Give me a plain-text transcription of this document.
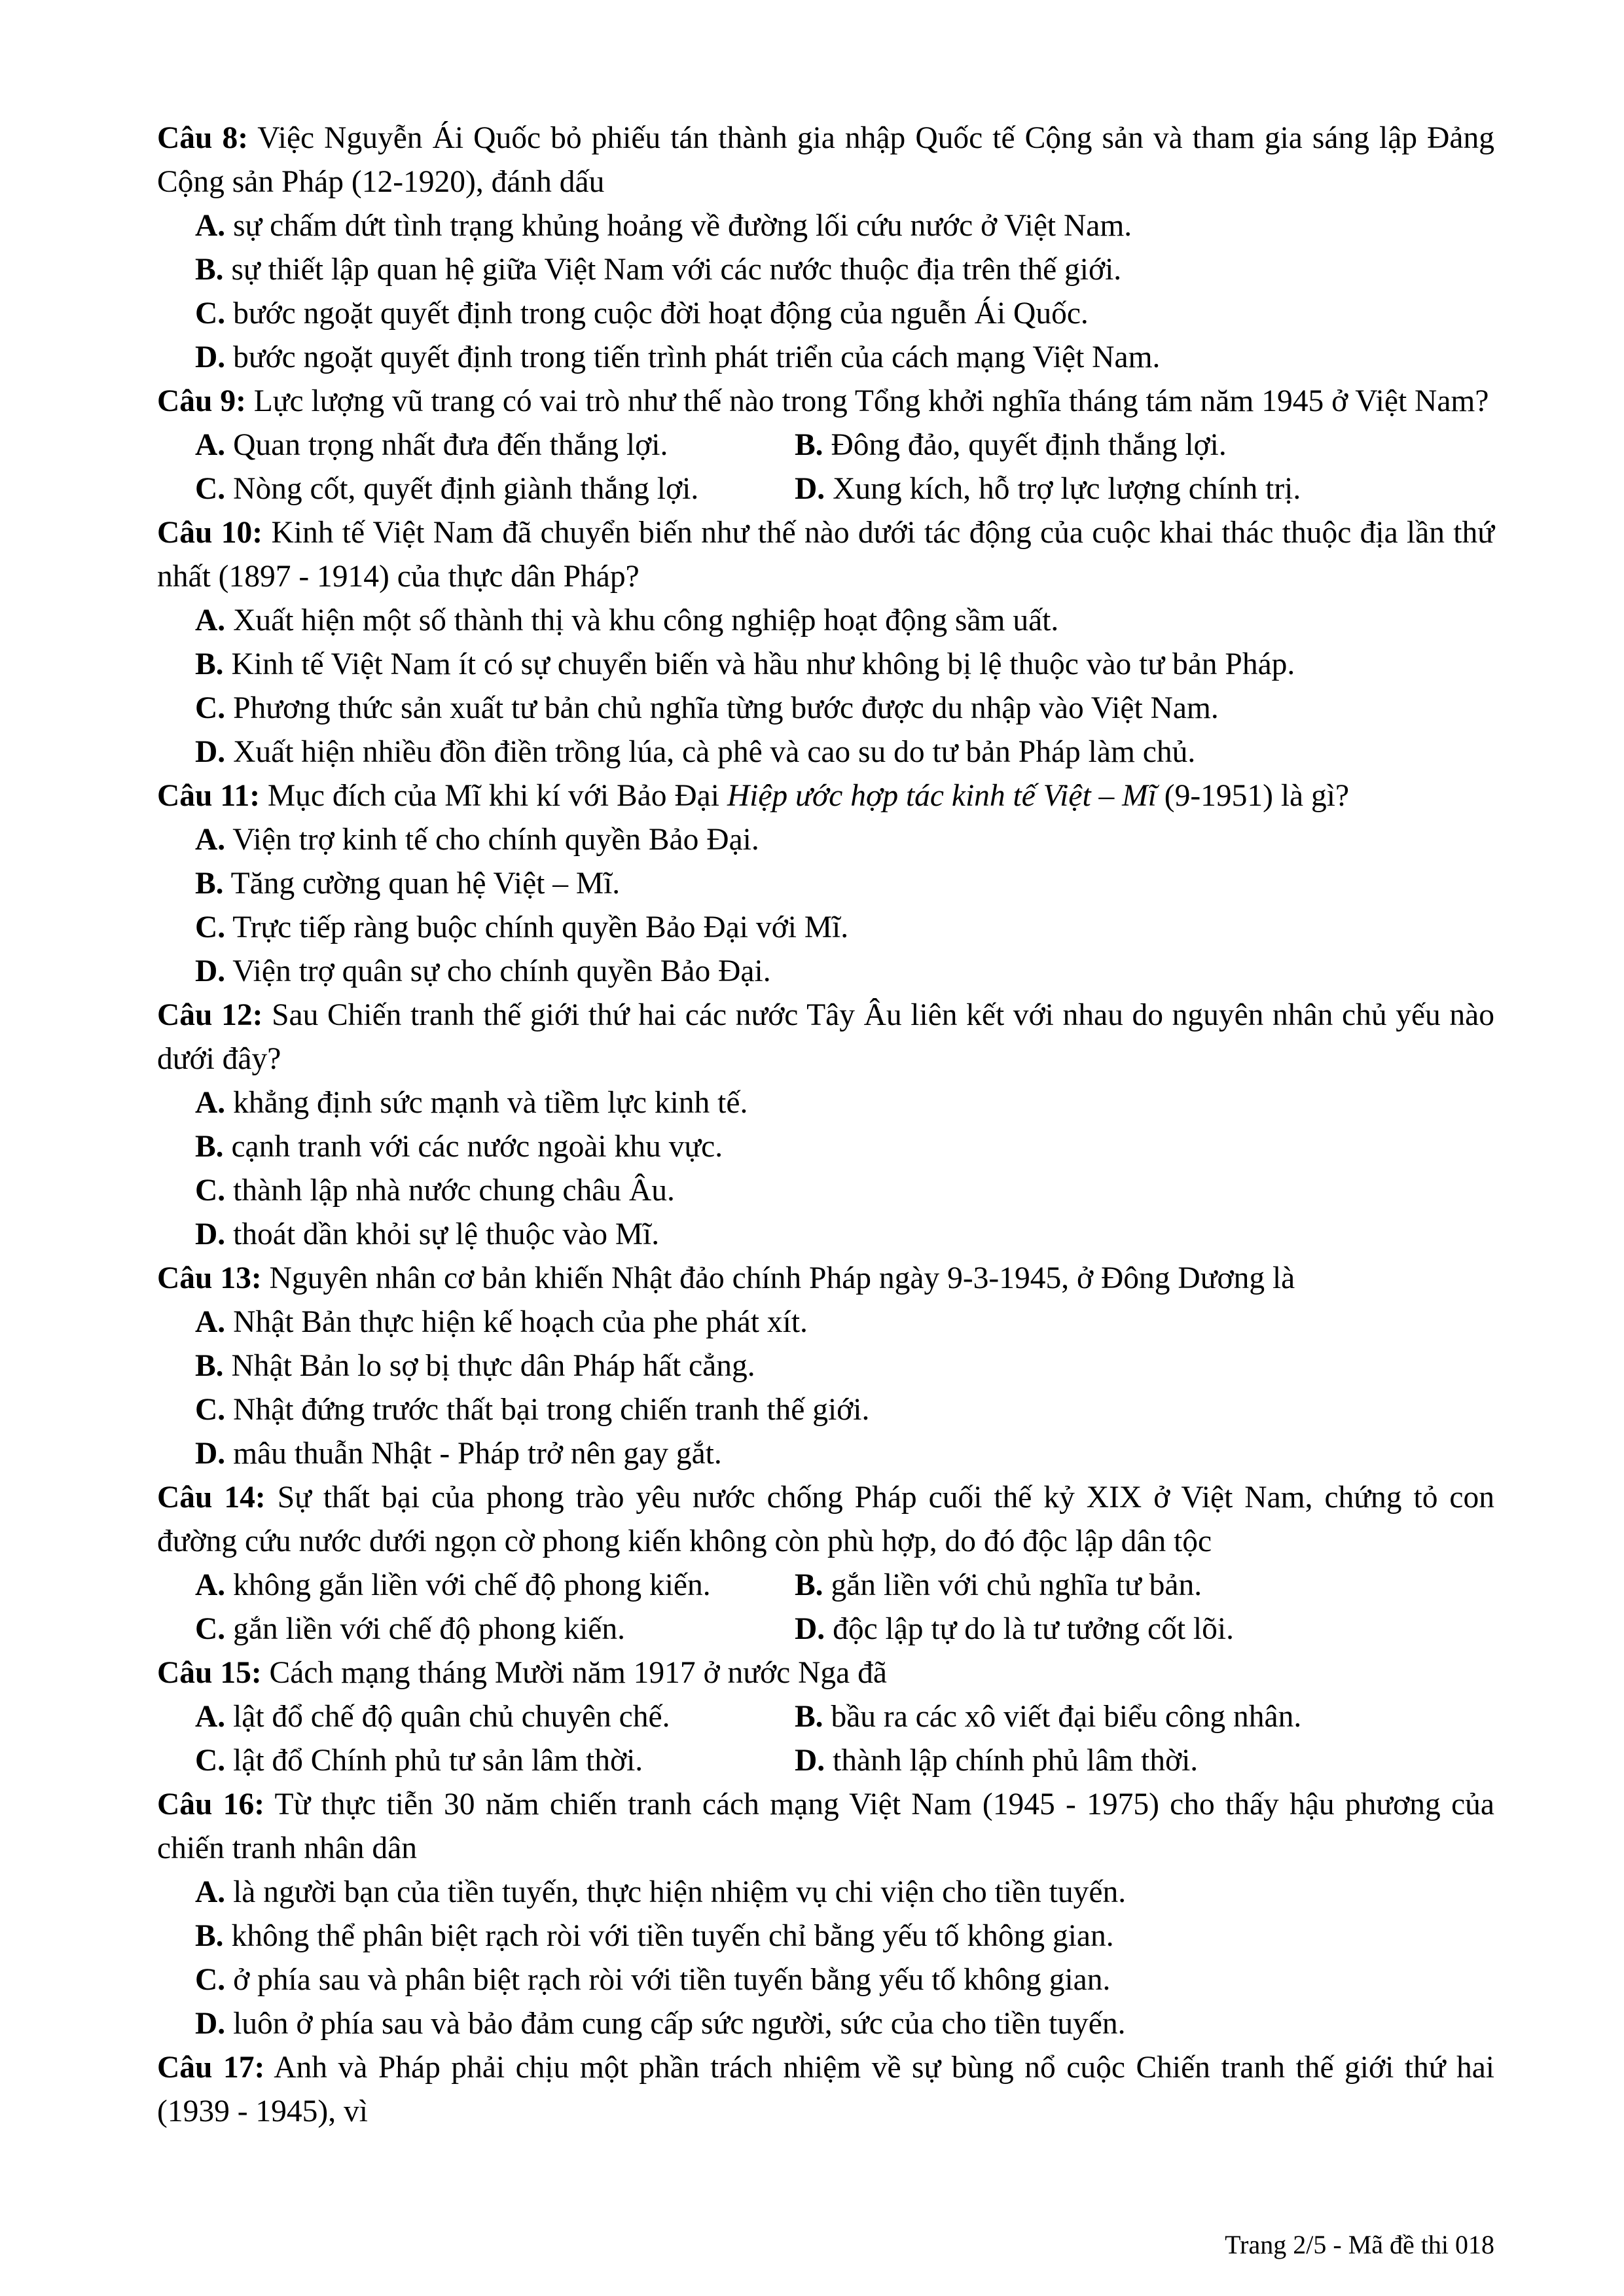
Câu 8: Việc Nguyễn Ái Quốc bỏ phiếu tán thành gia nhập Quốc tế Cộng sản và tham gia sáng lập Đảng Cộng sản Pháp (12-1920), đánh dấu
A. sự chấm dứt tình trạng khủng hoảng về đường lối cứu nước ở Việt Nam.
B. sự thiết lập quan hệ giữa Việt Nam với các nước thuộc địa trên thế giới.
C. bước ngoặt quyết định trong cuộc đời hoạt động của nguễn Ái Quốc.
D. bước ngoặt quyết định trong tiến trình phát triển của cách mạng Việt Nam.
Câu 9: Lực lượng vũ trang có vai trò như thế nào trong Tổng khởi nghĩa tháng tám năm 1945 ở Việt Nam?
A. Quan trọng nhất đưa đến thắng lợi.	B. Đông đảo, quyết định thắng lợi.
C. Nòng cốt, quyết định giành thắng lợi.	D. Xung kích, hỗ trợ lực lượng chính trị.
Câu 10: Kinh tế Việt Nam đã chuyển biến như thế nào dưới tác động của cuộc khai thác thuộc địa lần thứ nhất (1897 - 1914) của thực dân Pháp?
A. Xuất hiện một số thành thị và khu công nghiệp hoạt động sầm uất.
B. Kinh tế Việt Nam ít có sự chuyển biến và hầu như không bị lệ thuộc vào tư bản Pháp.
C. Phương thức sản xuất tư bản chủ nghĩa từng bước được du nhập vào Việt Nam.
D. Xuất hiện nhiều đồn điền trồng lúa, cà phê và cao su do tư bản Pháp làm chủ.
Câu 11: Mục đích của Mĩ khi kí với Bảo Đại Hiệp ước hợp tác kinh tế Việt – Mĩ (9-1951) là gì?
A. Viện trợ kinh tế cho chính quyền Bảo Đại.
B. Tăng cường quan hệ Việt – Mĩ.
C. Trực tiếp ràng buộc chính quyền Bảo Đại với Mĩ.
D. Viện trợ quân sự cho chính quyền Bảo Đại.
Câu 12: Sau Chiến tranh thế giới thứ hai các nước Tây Âu liên kết với nhau do nguyên nhân chủ yếu nào dưới đây?
A. khẳng định sức mạnh và tiềm lực kinh tế.
B. cạnh tranh với các nước ngoài khu vực.
C. thành lập nhà nước chung châu Âu.
D. thoát dần khỏi sự lệ thuộc vào Mĩ.
Câu 13: Nguyên nhân cơ bản khiến Nhật đảo chính Pháp ngày 9-3-1945, ở Đông Dương là
A. Nhật Bản thực hiện kế hoạch của phe phát xít.
B. Nhật Bản lo sợ bị thực dân Pháp hất cẳng.
C. Nhật đứng trước thất bại trong chiến tranh thế giới.
D. mâu thuẫn Nhật - Pháp trở nên gay gắt.
Câu 14: Sự thất bại của phong trào yêu nước chống Pháp cuối thế kỷ XIX ở Việt Nam, chứng tỏ con đường cứu nước dưới ngọn cờ phong kiến không còn phù hợp, do đó độc lập dân tộc
A. không gắn liền với chế độ phong kiến.	B. gắn liền với chủ nghĩa tư bản.
C. gắn liền với chế độ phong kiến.	D. độc lập tự do là tư tưởng cốt lõi.
Câu 15: Cách mạng tháng Mười năm 1917 ở nước Nga đã
A. lật đổ chế độ quân chủ chuyên chế.	B. bầu ra các xô viết đại biểu công nhân.
C. lật đổ Chính phủ tư sản lâm thời.	D. thành lập chính phủ lâm thời.
Câu 16: Từ thực tiễn 30 năm chiến tranh cách mạng Việt Nam (1945 - 1975) cho thấy hậu phương của chiến tranh nhân dân
A. là người bạn của tiền tuyến, thực hiện nhiệm vụ chi viện cho tiền tuyến.
B. không thể phân biệt rạch ròi với tiền tuyến chỉ bằng yếu tố không gian.
C. ở phía sau và phân biệt rạch ròi với tiền tuyến bằng yếu tố không gian.
D. luôn ở phía sau và bảo đảm cung cấp sức người, sức của cho tiền tuyến.
Câu 17: Anh và Pháp phải chịu một phần trách nhiệm về sự bùng nổ cuộc Chiến tranh thế giới thứ hai (1939 - 1945), vì
Trang 2/5 - Mã đề thi 018
